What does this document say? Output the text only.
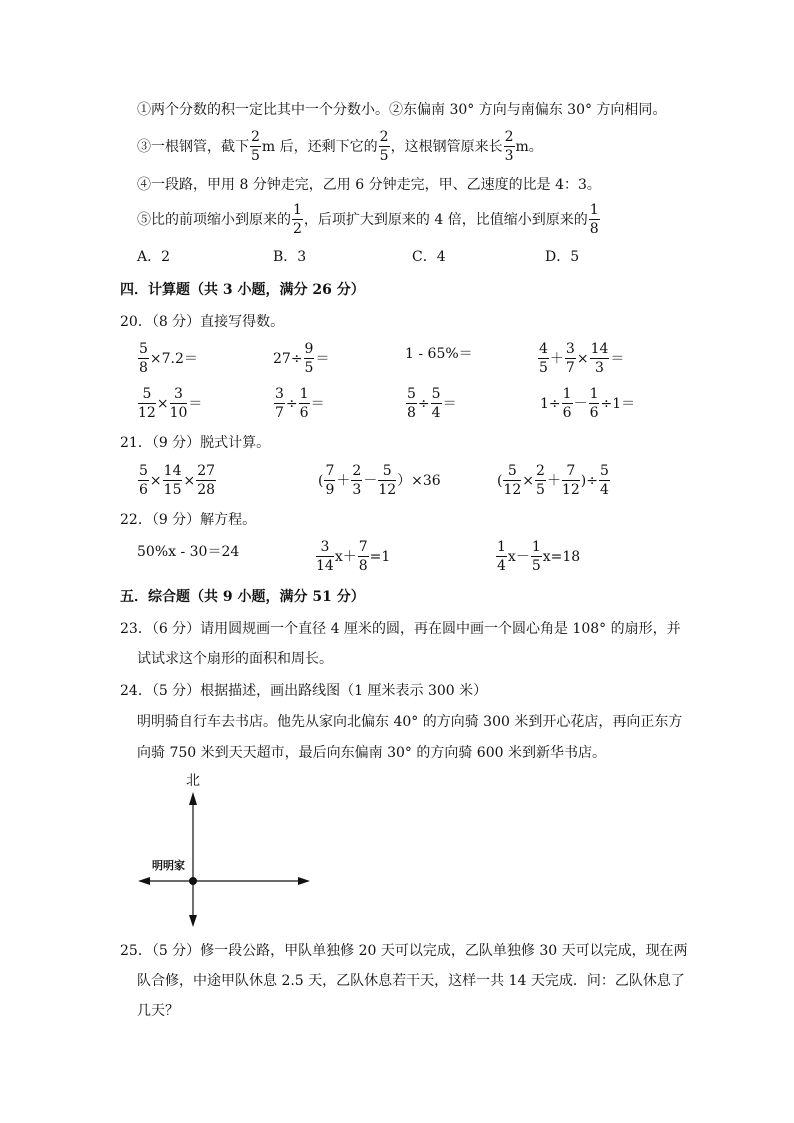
①两个分数的积一定比其中一个分数小。②东偏南 30° 方向与南偏东 30° 方向相同。
③一根钢管，截下 $\frac{2}{5}$ m 后，还剩下它的 $\frac{2}{5}$ ，这根钢管原来长 $\frac{2}{3}$ m。
④一段路，甲用 8 分钟走完，乙用 6 分钟走完，甲、乙速度的比是 4：3。
⑤比的前项缩小到原来的 $\frac{1}{2}$ ，后项扩大到原来的 4 倍，比值缩小到原来的 $\frac{1}{8}$
A．2	B．3	C．4	D．5
四．计算题（共 3 小题，满分 26 分）
20．（8 分）直接写得数。
$\frac{5}{8} \times 7.2=$	$27\div \frac{9}{5}$ ＝	1 - 65%＝	$\frac{4}{5} + \frac{3}{7} \times \frac{14}{3}$ ＝
$\frac{5}{12} \times \frac{3}{10}$ ＝	$\frac{3}{7} \div \frac{1}{6}$ ＝	$\frac{5}{8} \div \frac{5}{4}$ ＝	$1\div \frac{1}{6} - \frac{1}{6} \div 1$ ＝
21．（9 分）脱式计算。
$\frac{5}{6} \times \frac{14}{15} \times \frac{27}{28}$	( $\frac{7}{9} + \frac{2}{3} - \frac{5}{12} )\times 36$	( $\frac{5}{12} \times \frac{2}{5} + \frac{7}{12}$ ) ÷ $\frac{5}{4}$
22．（9 分）解方程。
50%x - 30＝24	$\frac{3}{14}$ $x + \frac{7}{8} =1$	$\frac{1}{4}$ $x - \frac{1}{5}$ x =18
五．综合题（共 9 小题，满分 51 分）
23．（6 分）请用圆规画一个直径 4 厘米的圆，再在圆中画一个圆心角是 108° 的扇形，并
试试求这个扇形的面积和周长。
24．（5 分）根据描述，画出路线图（1 厘米表示 300 米）
明明骑自行车去书店。他先从家向北偏东 40° 的方向骑 300 米到开心花店，再向正东方
向骑 750 米到天天超市，最后向东偏南 30° 的方向骑 600 米到新华书店。
北
明明家
25．（5 分）修一段公路，甲队单独修 20 天可以完成，乙队单独修 30 天可以完成，现在两
队合修，中途甲队休息 2.5 天，乙队休息若干天，这样一共 14 天完成．问：乙队休息了
几天？
